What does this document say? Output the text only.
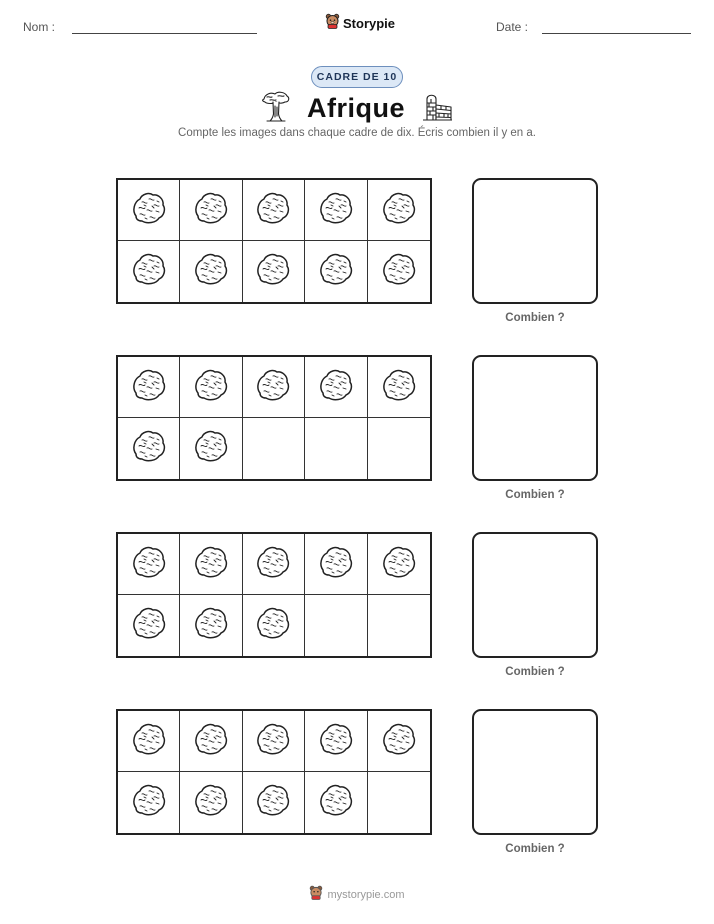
Nom :	Storypie	Date :
CADRE DE 10
Afrique
Compte les images dans chaque cadre de dix. Écris combien il y en a.
Combien ?
Combien ?
Combien ?
Combien ?
mystorypie.com
